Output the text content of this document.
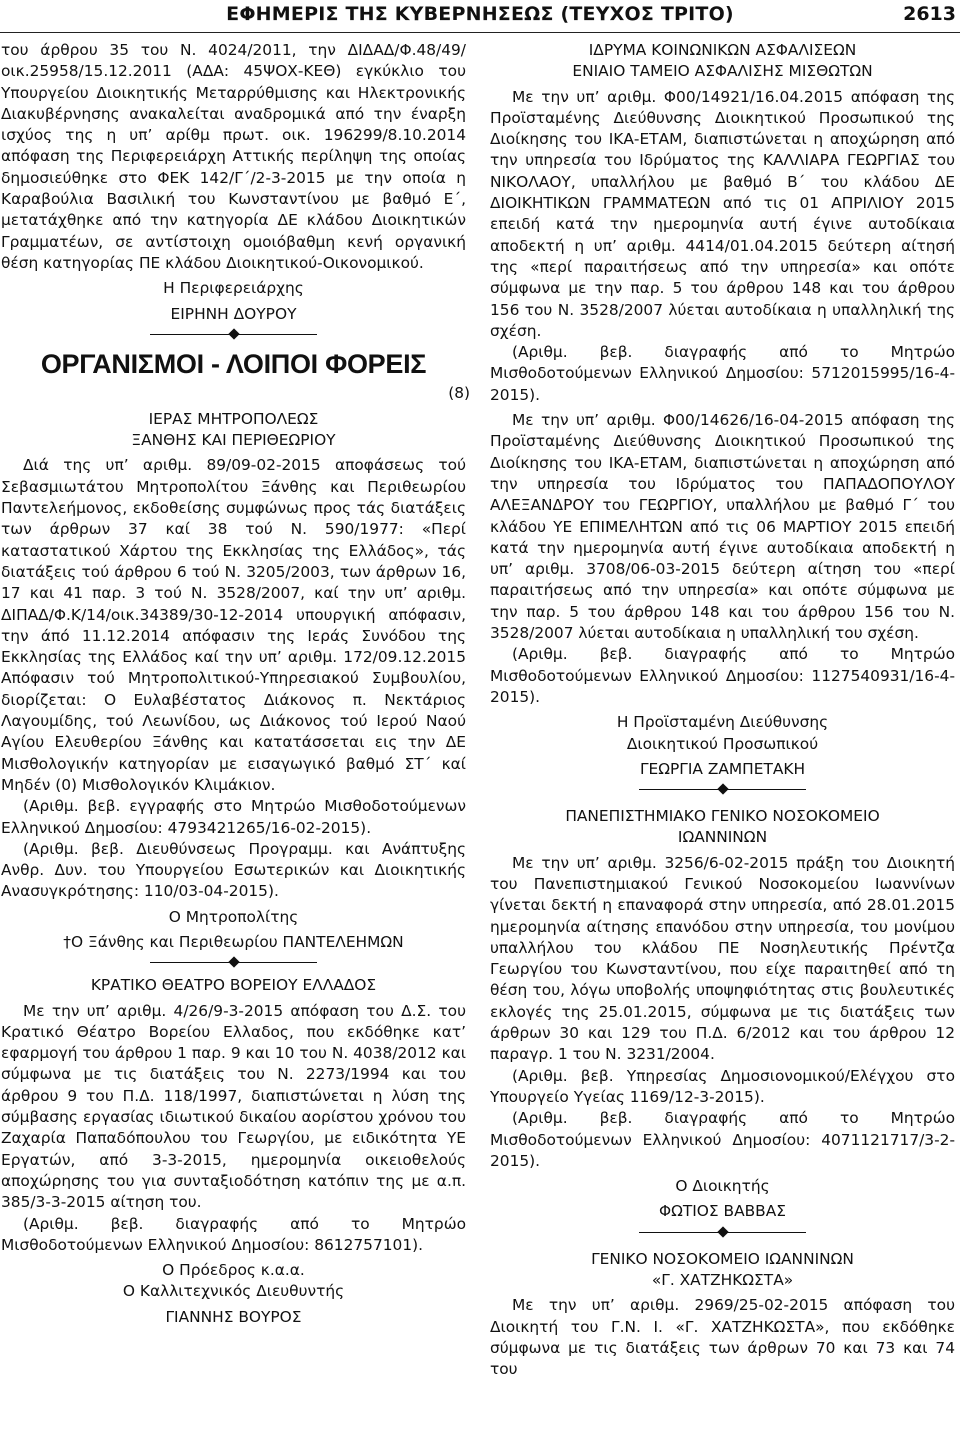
ΕΦΗΜΕΡΙΣ ΤΗΣ ΚΥΒΕΡΝΗΣΕΩΣ (ΤΕΥΧΟΣ ΤΡΙΤΟ)	2613

του άρθρου 35 του Ν. 4024/2011, την ΔΙΔΑΔ/Φ.48/49/οικ.25958/15.12.2011 (ΑΔΑ: 45ΨΟΧ-ΚΕΘ) εγκύκλιο του Υπουργείου Διοικητικής Μεταρρύθμισης και Ηλεκτρονικής Διακυβέρνησης ανακαλείται αναδρομικά από την έναρξη ισχύος της η υπ’ αρίθμ πρωτ. οικ. 196299/8.10.2014 απόφαση της Περιφερειάρχη Αττικής περίληψη της οποίας δημοσιεύθηκε στο ΦΕΚ 142/Γ΄/2-3-2015 με την οποία η Καραβούλια Βασιλική του Κωνσταντίνου με βαθμό Ε΄, μετατάχθηκε από την κατηγορία ΔΕ κλάδου Διοικητικών Γραμματέων, σε αντίστοιχη ομοιόβαθμη κενή οργανική θέση κατηγορίας ΠΕ κλάδου Διοικητικού-Οικονομικού.

Η Περιφερειάρχης
ΕΙΡΗΝΗ ΔΟΥΡΟΥ
ΟΡΓΑΝΙΣΜΟΙ - ΛΟΙΠΟΙ ΦΟΡΕΙΣ
(8)
ΙΕΡΑΣ ΜΗΤΡΟΠΟΛΕΩΣ
ΞΑΝΘΗΣ ΚΑΙ ΠΕΡΙΘΕΩΡΙΟΥ

Διά της υπ’ αριθμ. 89/09-02-2015 αποφάσεως τού Σεβασμιωτάτου Μητροπολίτου Ξάνθης και Περιθεωρίου Παντελεήμονος, εκδοθείσης συμφώνως προς τάς διατάξεις των άρθρων 37 καί 38 τού Ν. 590/1977: «Περί καταστατικού Χάρτου της Εκκλησίας της Ελλάδος», τάς διατάξεις τού άρθρου 6 τού Ν. 3205/2003, των άρθρων 16, 17 και 41 παρ. 3 τού Ν. 3528/2007, καί την υπ’ αριθμ. ΔΙΠΑΔ/Φ.Κ/14/οικ.34389/30-12-2014 υπουργική απόφασιν, την άπό 11.12.2014 απόφασιν της Ιεράς Συνόδου της Εκκλησίας της Ελλάδος καί την υπ’ αριθμ. 172/09.12.2015 Απόφασιν τού Μητροπολιτικού-Υπηρεσιακού Συμβουλίου, διορίζεται: Ο Ευλαβέστατος Διάκονος π. Νεκτάριος Λαγουμίδης, τού Λεωνίδου, ως Διάκονος τού Ιερού Ναού Αγίου Ελευθερίου Ξάνθης και κατατάσσεται εις την ΔΕ Μισθολογικήν κατηγορίαν με εισαγωγικό βαθμό ΣΤ΄ καί Μηδέν (0) Μισθολογικόν Κλιμάκιον.

(Αριθμ. βεβ. εγγραφής στο Μητρώο Μισθοδοτούμενων Ελληνικού Δημοσίου: 4793421265/16-02-2015).

(Αριθμ. βεβ. Διευθύνσεως Προγραμμ. και Ανάπτυξης Ανθρ. Δυν. του Υπουργείου Εσωτερικών και Διοικητικής Ανασυγκρότησης: 110/03-04-2015).

Ο Μητροπολίτης
†Ο Ξάνθης και Περιθεωρίου ΠΑΝΤΕΛΕΗΜΩΝ
ΚΡΑΤΙΚΟ ΘΕΑΤΡΟ ΒΟΡΕΙΟΥ ΕΛΛΑΔΟΣ

Με την υπ’ αριθμ. 4/26/9-3-2015 απόφαση του Δ.Σ. του Κρατικό Θέατρο Βορείου Ελλαδος, που εκδόθηκε κατ’ εφαρμογή του άρθρου 1 παρ. 9 και 10 του Ν. 4038/2012 και σύμφωνα με τις διατάξεις του Ν. 2273/1994 και του άρθρου 9 του Π.Δ. 118/1997, διαπιστώνεται η λύση της σύμβασης εργασίας ιδιωτικού δικαίου αορίστου χρόνου του Ζαχαρία Παπαδόπουλου του Γεωργίου, με ειδικότητα ΥΕ Εργατών, από 3-3-2015, ημερομηνία οικειοθελούς αποχώρησης του για συνταξιοδότηση κατόπιν της με α.π. 385/3-3-2015 αίτηση του.

(Αριθμ. βεβ. διαγραφής από το Μητρώο Μισθοδοτούμενων Ελληνικού Δημοσίου: 8612757101).

Ο Πρόεδρος κ.α.α.
Ο Καλλιτεχνικός Διευθυντής
ΓΙΑΝΝΗΣ ΒΟΥΡΟΣ
ΙΔΡΥΜΑ ΚΟΙΝΩΝΙΚΩΝ ΑΣΦΑΛΙΣΕΩΝ
ΕΝΙΑΙΟ ΤΑΜΕΙΟ ΑΣΦΑΛΙΣΗΣ ΜΙΣΘΩΤΩΝ

Με την υπ’ αριθμ. Φ00/14921/16.04.2015 απόφαση της Προϊσταμένης Διεύθυνσης Διοικητικού Προσωπικού της Διοίκησης του ΙΚΑ-ΕΤΑΜ, διαπιστώνεται η αποχώρηση από την υπηρεσία του Ιδρύματος της ΚΑΛΛΙΑΡΑ ΓΕΩΡΓΙΑΣ του ΝΙΚΟΛΑΟΥ, υπαλλήλου με βαθμό Β΄ του κλάδου ΔΕ ΔΙΟΙΚΗΤΙΚΩΝ ΓΡΑΜΜΑΤΕΩΝ από τις 01 ΑΠΡΙΛΙΟΥ 2015 επειδή κατά την ημερομηνία αυτή έγινε αυτοδίκαια αποδεκτή η υπ’ αριθμ. 4414/01.04.2015 δεύτερη αίτησή της «περί παραιτήσεως από την υπηρεσία» και οπότε σύμφωνα με την παρ. 5 του άρθρου 148 και του άρθρου 156 του Ν. 3528/2007 λύεται αυτοδίκαια η υπαλληλική της σχέση.

(Αριθμ. βεβ. διαγραφής από το Μητρώο Μισθοδοτούμενων Ελληνικού Δημοσίου: 5712015995/16-4-2015).

Με την υπ’ αριθμ. Φ00/14626/16-04-2015 απόφαση της Προϊσταμένης Διεύθυνσης Διοικητικού Προσωπικού της Διοίκησης του ΙΚΑ-ΕΤΑΜ, διαπιστώνεται η αποχώρηση από την υπηρεσία του Ιδρύματος του ΠΑΠΑΔΟΠΟΥΛΟΥ ΑΛΕΞΑΝΔΡΟΥ του ΓΕΩΡΓΙΟΥ, υπαλλήλου με βαθμό Γ΄ του κλάδου ΥΕ ΕΠΙΜΕΛΗΤΩΝ από τις 06 ΜΑΡΤΙΟΥ 2015 επειδή κατά την ημερομηνία αυτή έγινε αυτοδίκαια αποδεκτή η υπ’ αριθμ. 3708/06-03-2015 δεύτερη αίτηση του «περί παραιτήσεως από την υπηρεσία» και οπότε σύμφωνα με την παρ. 5 του άρθρου 148 και του άρθρου 156 του Ν. 3528/2007 λύεται αυτοδίκαια η υπαλληλική του σχέση.

(Αριθμ. βεβ. διαγραφής από το Μητρώο Μισθοδοτούμενων Ελληνικού Δημοσίου: 1127540931/16-4-2015).

Η Προϊσταμένη Διεύθυνσης
Διοικητικού Προσωπικού
ΓΕΩΡΓΙΑ ΖΑΜΠΕΤΑΚΗ
ΠΑΝΕΠΙΣΤΗΜΙΑΚΟ ΓΕΝΙΚΟ ΝΟΣΟΚΟΜΕΙΟ
ΙΩΑΝΝΙΝΩΝ

Με την υπ’ αριθμ. 3256/6-02-2015 πράξη του Διοικητή του Πανεπιστημιακού Γενικού Νοσοκομείου Ιωαννίνων γίνεται δεκτή η επαναφορά στην υπηρεσία, από 28.01.2015 ημερομηνία αίτησης επανόδου στην υπηρεσία, του μονίμου υπαλλήλου του κλάδου ΠΕ Νοσηλευτικής Πρέντζα Γεωργίου του Κωνσταντίνου, που είχε παραιτηθεί από τη θέση του, λόγω υποβολής υποψηφιότητας στις βουλευτικές εκλογές της 25.01.2015, σύμφωνα με τις διατάξεις των άρθρων 30 και 129 του Π.Δ. 6/2012 και του άρθρου 12 παραγρ. 1 του Ν. 3231/2004.

(Αριθμ. βεβ. Υπηρεσίας Δημοσιονομικού/Ελέγχου στο Υπουργείο Υγείας 1169/12-3-2015).

(Αριθμ. βεβ. διαγραφής από το Μητρώο Μισθοδοτούμενων Ελληνικού Δημοσίου: 4071121717/3-2-2015).

Ο Διοικητής
ΦΩΤΙΟΣ ΒΑΒΒΑΣ
ΓΕΝΙΚΟ ΝΟΣΟΚΟΜΕΙΟ ΙΩΑΝΝΙΝΩΝ
«Γ. ΧΑΤΖΗΚΩΣΤΑ»

Με την υπ’ αριθμ. 2969/25-02-2015 απόφαση του Διοικητή του Γ.Ν. Ι. «Γ. ΧΑΤΖΗΚΩΣΤΑ», που εκδόθηκε σύμφωνα με τις διατάξεις των άρθρων 70 και 73 και 74 του
